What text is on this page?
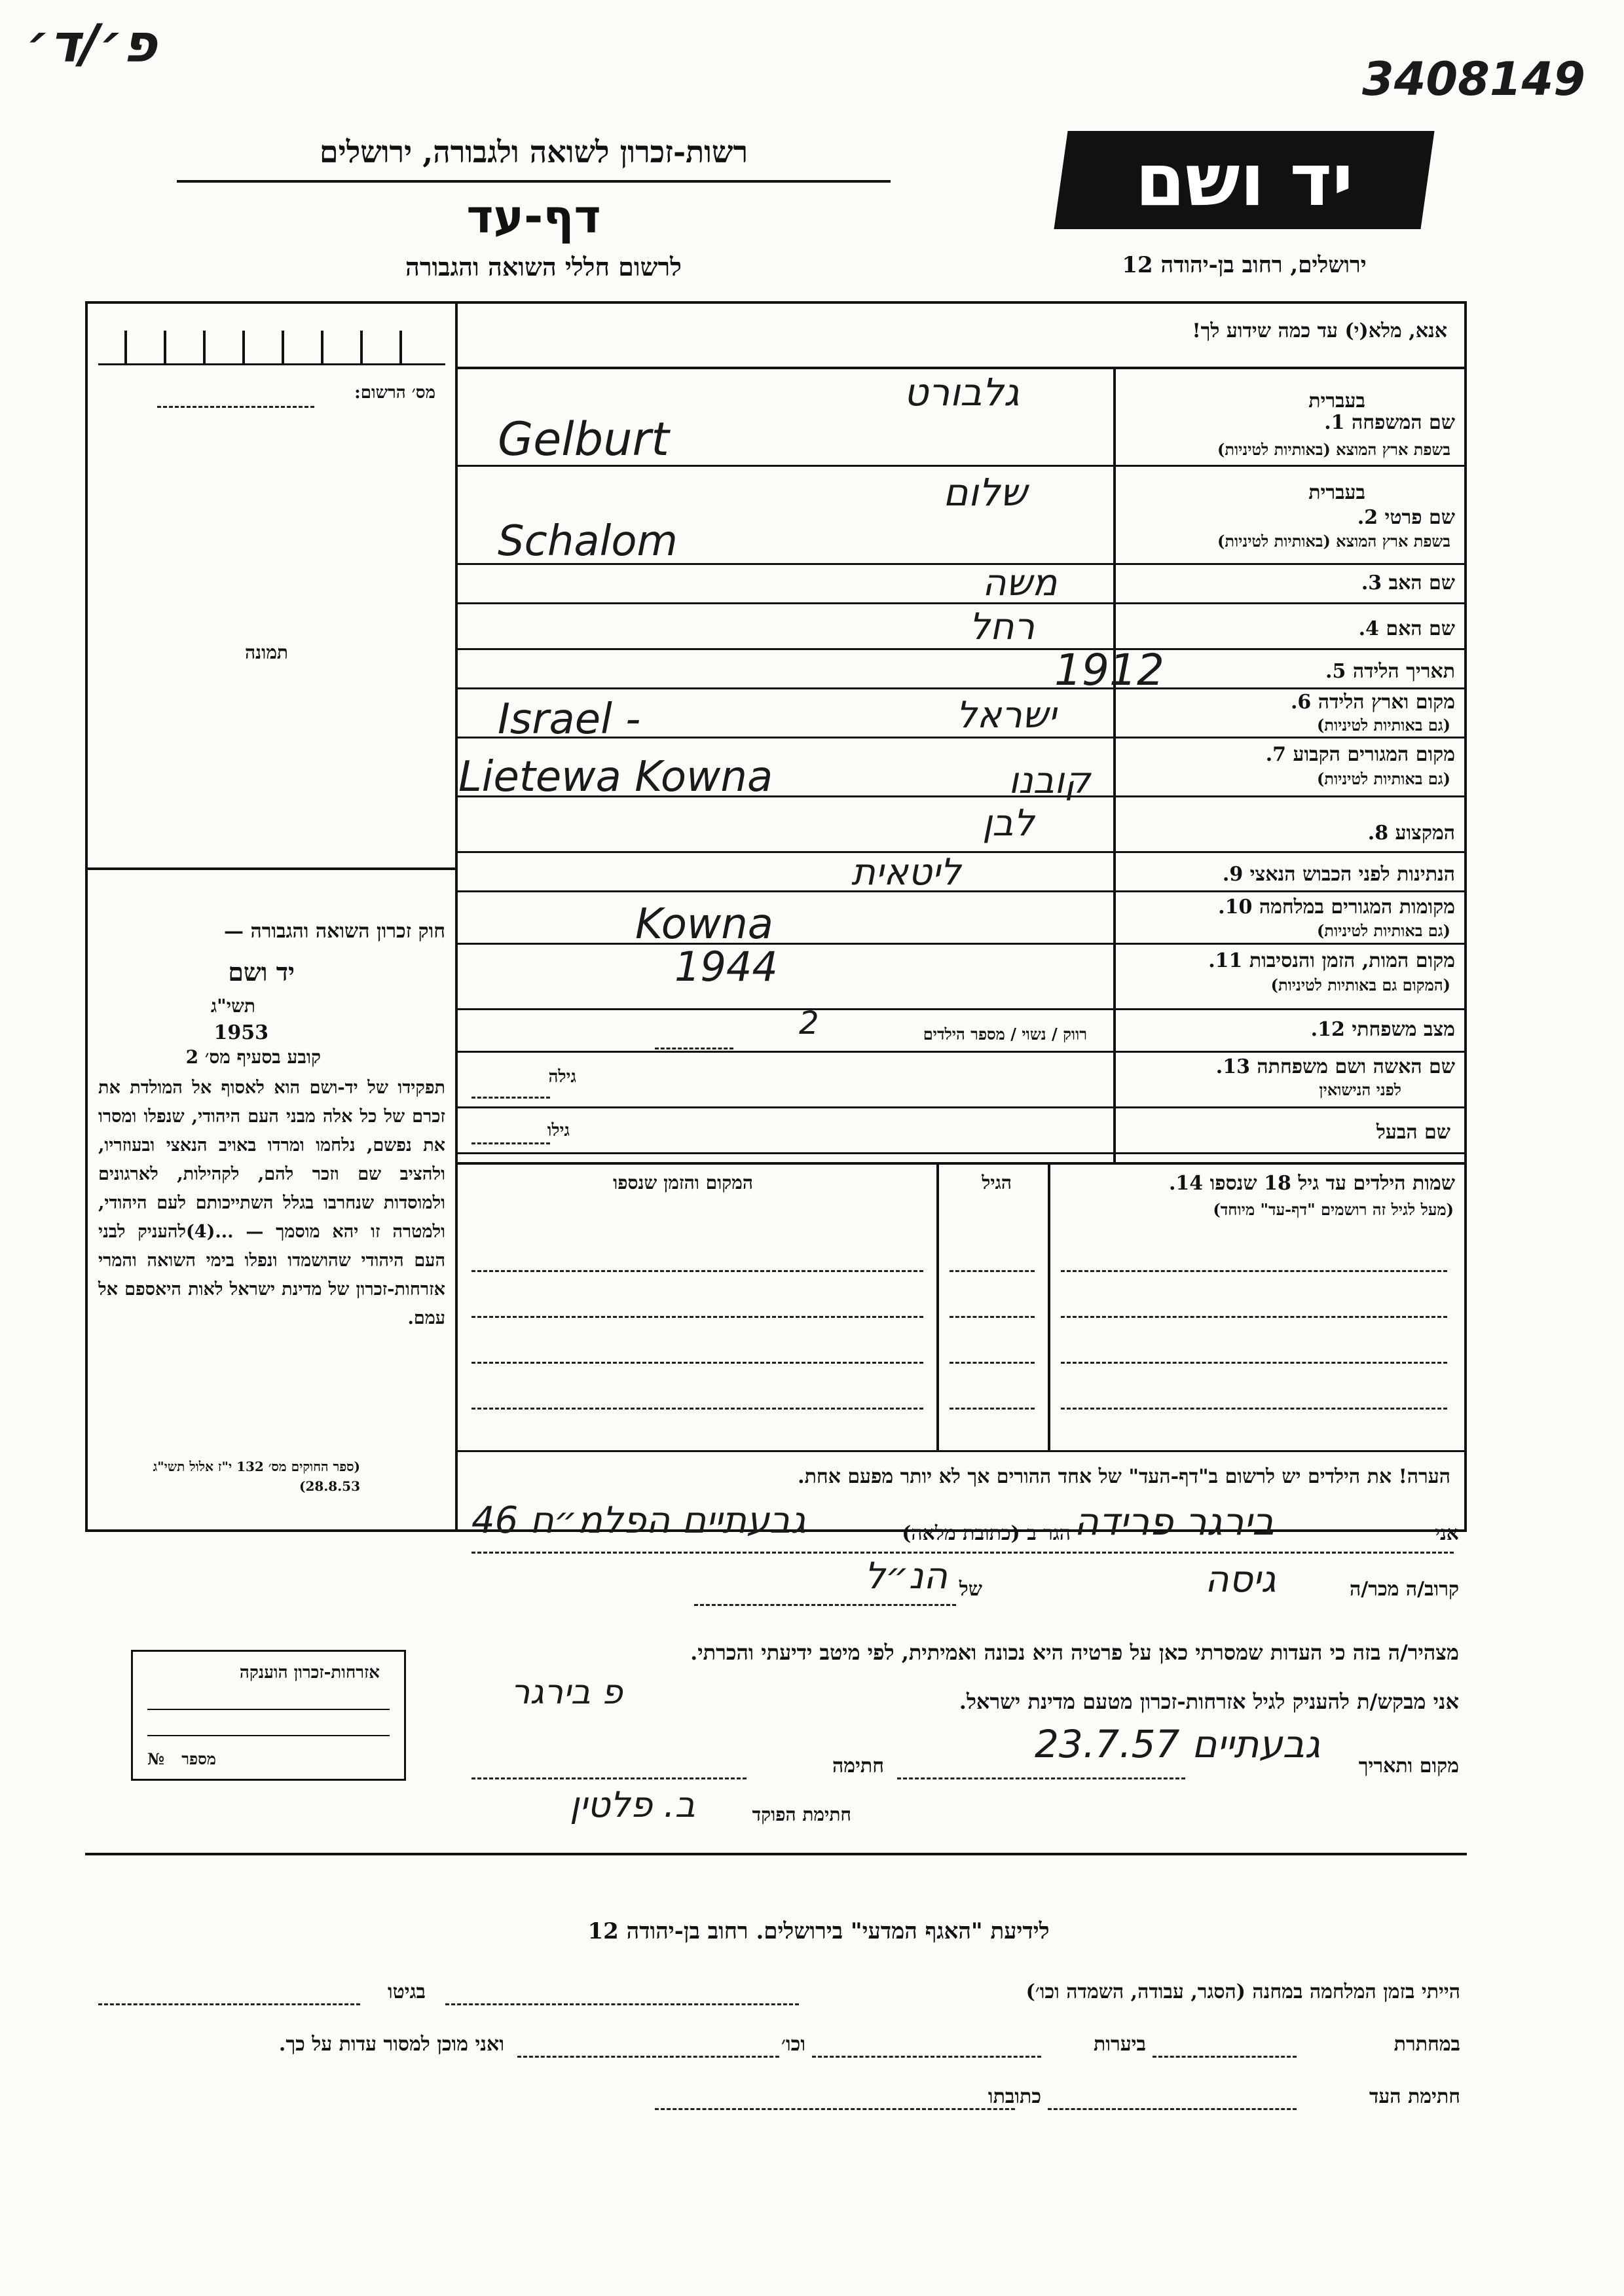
פ׳/ד׳
3408149
יד ושם
רשות-זכרון לשואה ולגבורה, ירושלים
דף-עד
לרשום חללי השואה והגבורה	ירושלים, רחוב בן-יהודה 12
אנא, מלא(י) עד כמה שידוע לך!
מס׳ הרשום:
תמונה
חוק זכרון השואה והגבורה —
יד ושם
תשי"ג
1953
קובע בסעיף מס׳ 2
תפקידו של יד-ושם הוא לאסוף אל המולדת את זכרם של כל אלה מבני העם היהודי, שנפלו ומסרו את נפשם, נלחמו ומרדו באויב הנאצי ובעוזריו, ולהציב שם וזכר להם, לקהילות, לארגונים ולמוסדות שנחרבו בגלל השתייכותם לעם היהודי, ולמטרה זו יהא מוסמך — ...(4)להעניק לבני העם היהודי שהושמדו ונפלו בימי השואה והמרי אזרחות-זכרון של מדינת ישראל לאות היאספם אל עמם.
(ספר החוקים מס׳ 132 י"ז אלול תשי"ג 28.8.53)
בעברית
שם המשפחה 1.
בשפת ארץ המוצא (באותיות לטיניות)
גלבורט
Gelburt
בעברית
שם פרטי 2.
בשפת ארץ המוצא (באותיות לטיניות)
שלום
Schalom
שם האב 3.
משה
שם האם 4.
רחל
תאריך הלידה 5.
1912
מקום וארץ הלידה 6.
(גם באותיות לטיניות)
Israel -	ישראל
מקום המגורים הקבוע 7.
(גם באותיות לטיניות)
Lietewa Kowna	קובנו
המקצוע 8.
לבן
הנתינות לפני הכבוש הנאצי 9.
ליטאית
מקומות המגורים במלחמה 10.
(גם באותיות לטיניות)
Kowna
מקום המות, הזמן והנסיבות 11.
(המקום גם באותיות לטיניות)
1944
מצב משפחתי 12.
רווק / נשוי / מספר הילדים
2
שם האשה ושם משפחתה 13.
לפני הנישואין
גילה
שם הבעל
גילו
שמות הילדים עד גיל 18 שנספו 14.
(מעל לגיל זה רושמים "דף-עד" מיוחד)
הגיל
המקום והזמן שנספו
הערה! את הילדים יש לרשום ב"דף-העד" של אחד ההורים אך לא יותר מפעם אחת.
אני
בירגר פרידה
הגר ב (כתובת מלאה)
גבעתיים הפלמ״ח 46
קרוב/ה מכר/ה
גיסה
של
הנ״ל
מצהיר/ה בזה כי העדות שמסרתי כאן על פרטיה היא נכונה ואמיתית, לפי מיטב ידיעתי והכרתי.
אני מבקש/ת להעניק לגיל אזרחות-זכרון מטעם מדינת ישראל.
פ בירגר
מקום ותאריך
גבעתיים 23.7.57
חתימה
חתימת הפוקד
ב. פלטין
אזרחות-זכרון הוענקה
מספר
№
לידיעת "האגף המדעי" בירושלים. רחוב בן-יהודה 12
הייתי בזמן המלחמה במחנה (הסגר, עבודה, השמדה וכו׳)
בגיטו
במחתרת
ביערות
וכו׳
ואני מוכן למסור עדות על כך.
חתימת העד
כתובתו
